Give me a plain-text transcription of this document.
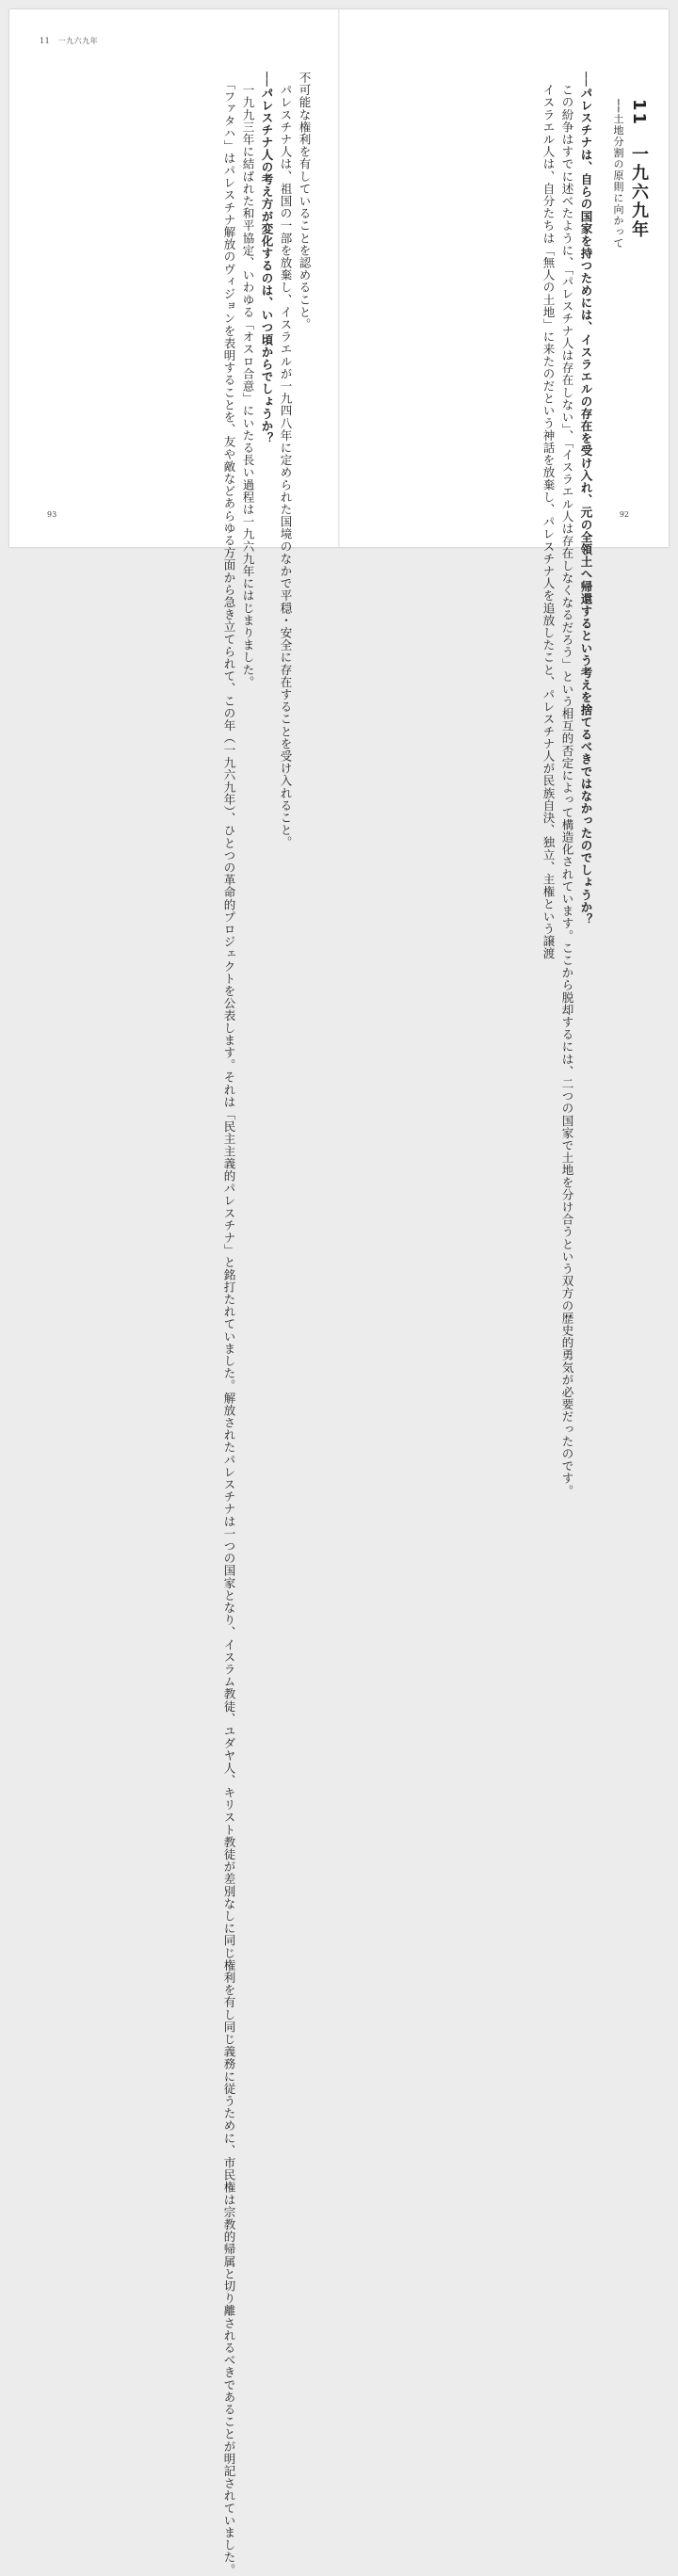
11　一九六九年
不可能な権利を有していることを認めること。
　パレスチナ人は、祖国の一部を放棄し、イスラエルが一九四八年に定められた国境のなかで平穏・安全に存在することを受け入れること。
──パレスチナ人の考え方が変化するのは、いつ頃からでしょうか？
　一九九三年に結ばれた和平協定、いわゆる「オスロ合意」にいたる長い過程は一九六九年にはじまりました。
　「ファタハ」はパレスチナ解放のヴィジョンを表明することを、友や敵などあらゆる方面から急き立てられて、この年（一九六九年）、ひとつの革命的プロジェクトを公表します。それは「民主主義的パレスチナ」と銘打たれていました。解放されたパレスチナは一つの国家となり、イスラム教徒、ユダヤ人、キリスト教徒が差別なしに同じ権利を有し同じ義務に従うために、市民権は宗教的帰属と切り離されるべきであることが明記されていました。
93
11　一九六九年
──土地分割の原則に向かって
──パレスチナは、自らの国家を持つためには、イスラエルの存在を受け入れ、元の全領土へ帰還するという考えを捨てるべきではなかったのでしょうか？
　この紛争はすでに述べたように、「パレスチナ人は存在しない」、「イスラエル人は存在しなくなるだろう」という相互的否定によって構造化されています。ここから脱却するには、二つの国家で土地を分け合うという双方の歴史的勇気が必要だったのです。
　イスラエル人は、自分たちは「無人の土地」に来たのだという神話を放棄し、パレスチナ人を追放したこと、パレスチナ人が民族自決、独立、主権という譲渡	92
